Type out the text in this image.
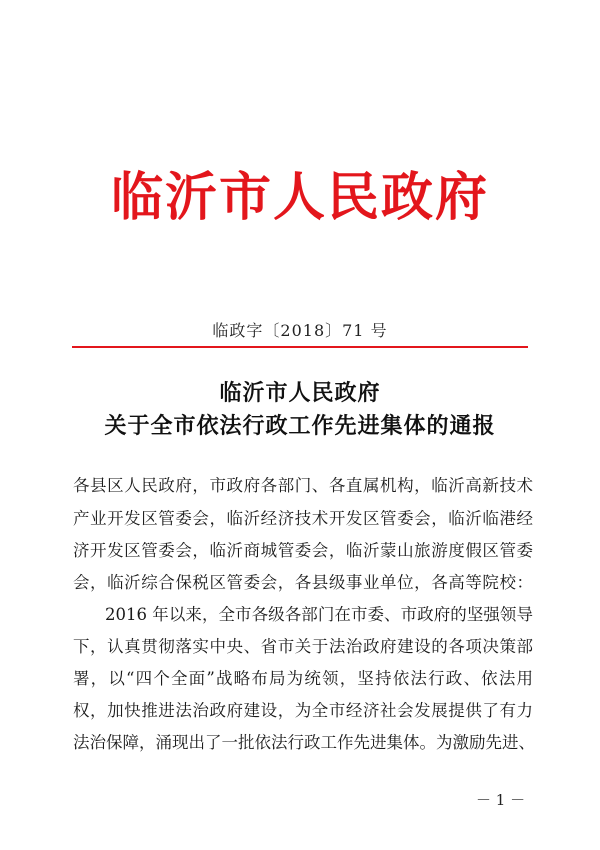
临沂市人民政府
临政字〔2018〕71 号
临沂市人民政府
关于全市依法行政工作先进集体的通报
各县区人民政府，市政府各部门、各直属机构，临沂高新技术
产业开发区管委会，临沂经济技术开发区管委会，临沂临港经
济开发区管委会，临沂商城管委会，临沂蒙山旅游度假区管委
会，临沂综合保税区管委会，各县级事业单位，各高等院校：
2016 年以来，全市各级各部门在市委、市政府的坚强领导
下，认真贯彻落实中央、省市关于法治政府建设的各项决策部
署，以“四个全面”战略布局为统领，坚持依法行政、依法用
权，加快推进法治政府建设，为全市经济社会发展提供了有力
法治保障，涌现出了一批依法行政工作先进集体。为激励先进、
－ 1 －
